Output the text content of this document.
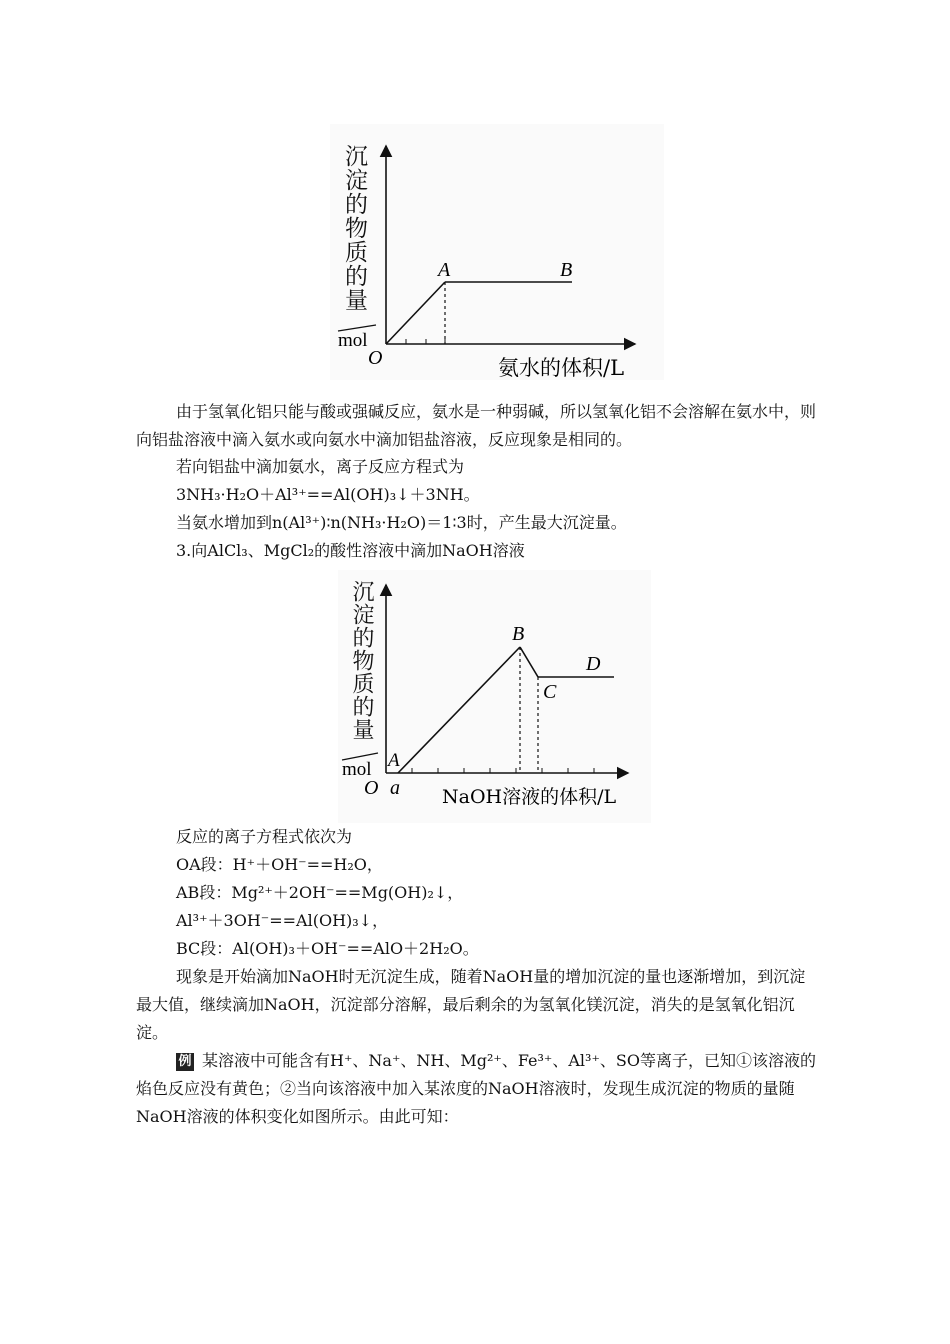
mol
O
A	B
氨水的体积/L
沉淀的物质的量
由于氢氧化铝只能与酸或强碱反应，氨水是一种弱碱，所以氢氧化铝不会溶解在氨水中，则向铝盐溶液中滴入氨水或向氨水中滴加铝盐溶液，反应现象是相同的。
若向铝盐中滴加氨水，离子反应方程式为
3NH₃·H₂O＋Al³⁺==Al(OH)₃↓＋3NH。
当氨水增加到n(Al³⁺)∶n(NH₃·H₂O)＝1∶3时，产生最大沉淀量。
3.向AlCl₃、MgCl₂的酸性溶液中滴加NaOH溶液
mol
O a
A
B
C
D
NaOH溶液的体积/L
沉淀的物质的量
反应的离子方程式依次为
OA段：H⁺＋OH⁻==H₂O，
AB段：Mg²⁺＋2OH⁻==Mg(OH)₂↓，
Al³⁺＋3OH⁻==Al(OH)₃↓，
BC段：Al(OH)₃＋OH⁻==AlO＋2H₂O。
现象是开始滴加NaOH时无沉淀生成，随着NaOH量的增加沉淀的量也逐渐增加，到沉淀最大值，继续滴加NaOH，沉淀部分溶解，最后剩余的为氢氧化镁沉淀，消失的是氢氧化铝沉淀。
例 某溶液中可能含有H⁺、Na⁺、NH、Mg²⁺、Fe³⁺、Al³⁺、SO等离子，已知①该溶液的焰色反应没有黄色；②当向该溶液中加入某浓度的NaOH溶液时，发现生成沉淀的物质的量随NaOH溶液的体积变化如图所示。由此可知：
